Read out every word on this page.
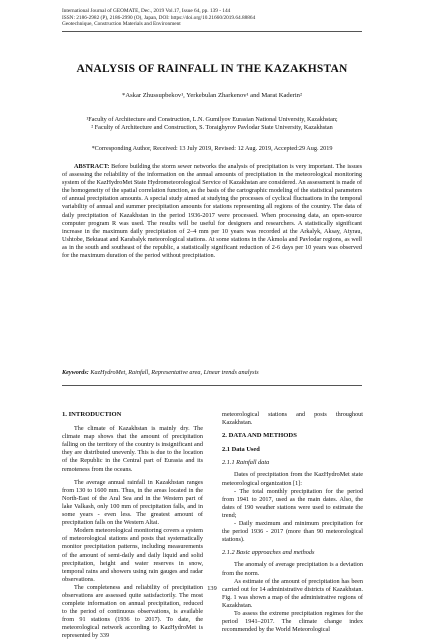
International Journal of GEOMATE, Dec., 2019 Vol.17, Issue 64, pp. 139 - 144
ISSN: 2186-2982 (P), 2186-2990 (O), Japan, DOI: https://doi.org/10.21660/2019.64.88864
Geotechnique, Construction Materials and Environment
ANALYSIS OF RAINFALL IN THE KAZAKHSTAN
*Askar Zhussupbekov¹, Yerkebulan Zharkenov¹ and Marat Kaderin²
¹Faculty of Architecture and Construction, L.N. Gumilyov Eurasian National University, Kazakhstan;
² Faculty of Architecture and Construction, S. Toraighyrov Pavlodar State University, Kazakhstan
*Corresponding Author, Received: 13 July 2019, Revised: 12 Aug. 2019, Accepted:29 Aug. 2019
ABSTRACT: Before building the storm sewer networks the analysis of precipitation is very important. The issues of assessing the reliability of the information on the annual amounts of precipitation in the meteorological monitoring system of the KazHydroMet State Hydrometeorological Service of Kazakhstan are considered. An assessment is made of the homogeneity of the spatial correlation function, as the basis of the cartographic modeling of the statistical parameters of annual precipitation amounts. A special study aimed at studying the processes of cyclical fluctuations in the temporal variability of annual and summer precipitation amounts for stations representing all regions of the country. The data of daily precipitation of Kazakhstan in the period 1936-2017 were processed. When processing data, an open-source computer program R was used. The results will be useful for designers and researchers. A statistically significant increase in the maximum daily precipitation of 2–4 mm per 10 years was recorded at the Arkalyk, Aksay, Atyrau, Ushtobe, Bektauat and Karabalyk meteorological stations. At some stations in the Akmola and Pavlodar regions, as well as in the south and southeast of the republic, a statistically significant reduction of 2-6 days per 10 years was observed for the maximum duration of the period without precipitation.
Keywords: KazHydroMet, Rainfall, Representative area, Linear trends analysis
1. INTRODUCTION

The climate of Kazakhstan is mainly dry. The climate map shows that the amount of precipitation falling on the territory of the country is insignificant and they are distributed unevenly. This is due to the location of the Republic in the Central part of Eurasia and its remoteness from the oceans.

The average annual rainfall in Kazakhstan ranges from 130 to 1600 mm. Thus, in the areas located in the North-East of the Aral Sea and in the Western part of lake Valkash, only 100 mm of precipitation falls, and in some years - even less. The greatest amount of precipitation falls on the Western Altai.

Modern meteorological monitoring covers a system of meteorological stations and posts that systematically monitor precipitation patterns, including measurements of the amount of semi-daily and daily liquid and solid precipitation, height and water reserves in snow, temporal rains and showers using rain gauges and radar observations.

The completeness and reliability of precipitation observations are assessed quite satisfactorily. The most complete information on annual precipitation, reduced to the period of continuous observations, is available from 91 stations (1936 to 2017). To date, the meteorological network according to KazHydroMet is represented by 339

meteorological stations and posts throughout Kazakhstan.

2. DATA AND METHODS
2.1 Data Used
2.1.1 Rainfall data

Dates of precipitation from the KazHydroMet state meteorological organization [1]:

- The total monthly precipitation for the period from 1941 to 2017, used as the main dates. Also, the dates of 190 weather stations were used to estimate the trend;

- Daily maximum and minimum precipitation for the period 1936 - 2017 (more than 90 meteorological stations).

2.1.2 Basic approaches and methods

The anomaly of average precipitation is a deviation from the norm.

As estimate of the amount of precipitation has been carried out for 14 administrative districts of Kazakhstan. Fig. 1 was shown a map of the administrative regions of Kazakhstan.

To assess the extreme precipitation regimes for the period 1941–2017. The climate change index recommended by the World Meteorological

139
